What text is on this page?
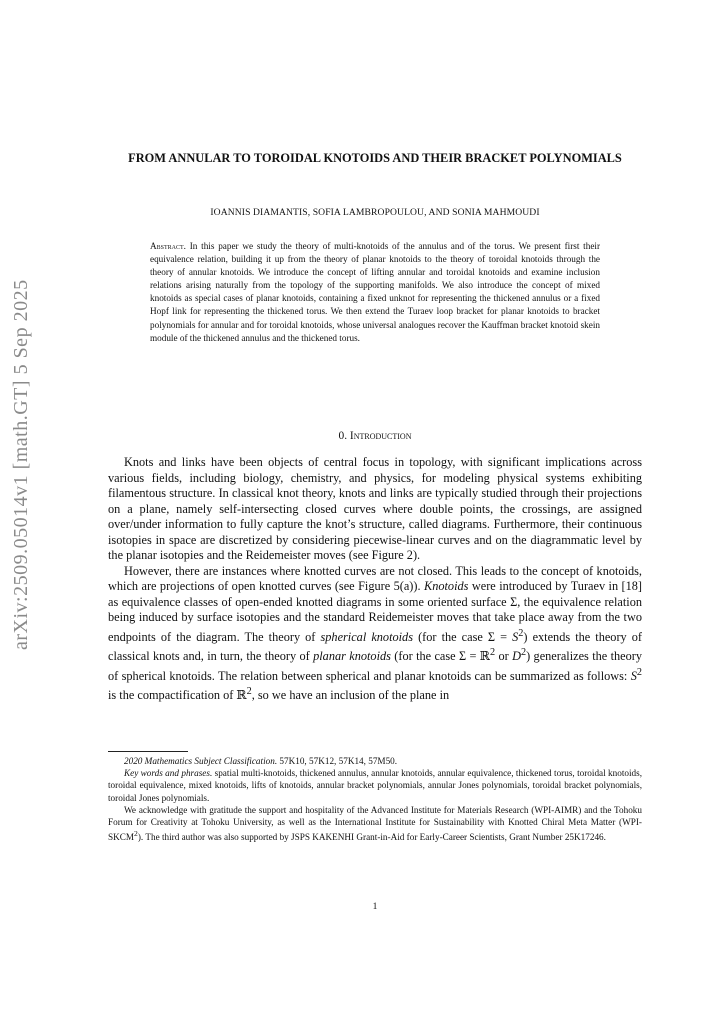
arXiv:2509.05014v1 [math.GT] 5 Sep 2025
FROM ANNULAR TO TOROIDAL KNOTOIDS AND THEIR BRACKET POLYNOMIALS
IOANNIS DIAMANTIS, SOFIA LAMBROPOULOU, AND SONIA MAHMOUDI
Abstract. In this paper we study the theory of multi-knotoids of the annulus and of the torus. We present first their equivalence relation, building it up from the theory of planar knotoids to the theory of toroidal knotoids through the theory of annular knotoids. We introduce the concept of lifting annular and toroidal knotoids and examine inclusion relations arising naturally from the topology of the supporting manifolds. We also introduce the concept of mixed knotoids as special cases of planar knotoids, containing a fixed unknot for representing the thickened annulus or a fixed Hopf link for representing the thickened torus. We then extend the Turaev loop bracket for planar knotoids to bracket polynomials for annular and for toroidal knotoids, whose universal analogues recover the Kauffman bracket knotoid skein module of the thickened annulus and the thickened torus.
0. Introduction

Knots and links have been objects of central focus in topology, with significant implications across various fields, including biology, chemistry, and physics, for modeling physical systems exhibiting filamentous structure. In classical knot theory, knots and links are typically studied through their projections on a plane, namely self-intersecting closed curves where double points, the crossings, are assigned over/under information to fully capture the knot’s structure, called diagrams. Furthermore, their continuous isotopies in space are discretized by considering piecewise-linear curves and on the diagrammatic level by the planar isotopies and the Reidemeister moves (see Figure 2).

However, there are instances where knotted curves are not closed. This leads to the concept of knotoids, which are projections of open knotted curves (see Figure 5(a)). Knotoids were introduced by Turaev in [18] as equivalence classes of open-ended knotted diagrams in some oriented surface Σ, the equivalence relation being induced by surface isotopies and the standard Reidemeister moves that take place away from the two endpoints of the diagram. The theory of spherical knotoids (for the case $\Sigma = S^2$) extends the theory of classical knots and, in turn, the theory of planar knotoids (for the case Σ = ℝ$^2$ or $D^2$) generalizes the theory of spherical knotoids. The relation between spherical and planar knotoids can be summarized as follows: $S^2$ is the compactification of ℝ$^2$, so we have an inclusion of the plane in

2020 Mathematics Subject Classification. 57K10, 57K12, 57K14, 57M50.

Key words and phrases. spatial multi-knotoids, thickened annulus, annular knotoids, annular equivalence, thickened torus, toroidal knotoids, toroidal equivalence, mixed knotoids, lifts of knotoids, annular bracket polynomials, annular Jones polynomials, toroidal bracket polynomials, toroidal Jones polynomials.

We acknowledge with gratitude the support and hospitality of the Advanced Institute for Materials Research (WPI-AIMR) and the Tohoku Forum for Creativity at Tohoku University, as well as the International Institute for Sustainability with Knotted Chiral Meta Matter (WPI-SKCM$^2$). The third author was also supported by JSPS KAKENHI Grant-in-Aid for Early-Career Scientists, Grant Number 25K17246.

1
